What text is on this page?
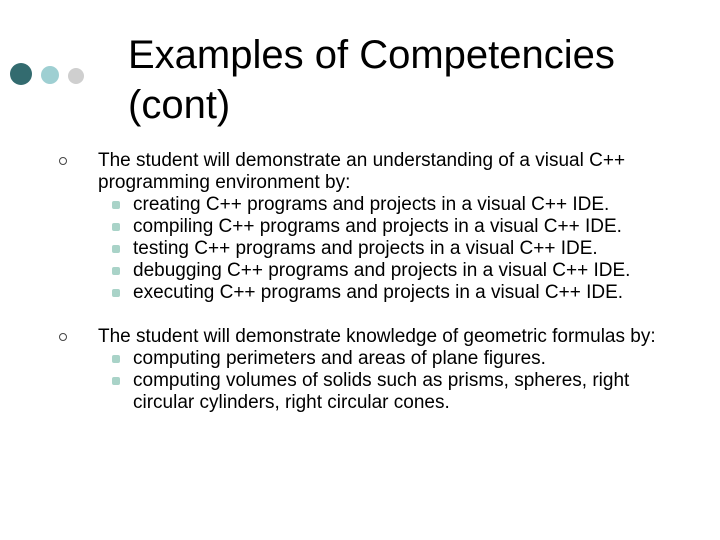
Examples of Competencies (cont)
The student will demonstrate an understanding of a visual C++ programming environment by:
creating C++ programs and projects in a visual C++ IDE.
compiling C++ programs and projects in a visual C++ IDE.
testing C++ programs and projects in a visual C++ IDE.
debugging C++ programs and projects in a visual C++ IDE.
executing C++ programs and projects in a visual C++ IDE.
The student will demonstrate knowledge of geometric formulas by:
computing perimeters and areas of plane figures.
computing volumes of solids such as prisms, spheres, right circular cylinders, right circular cones.
